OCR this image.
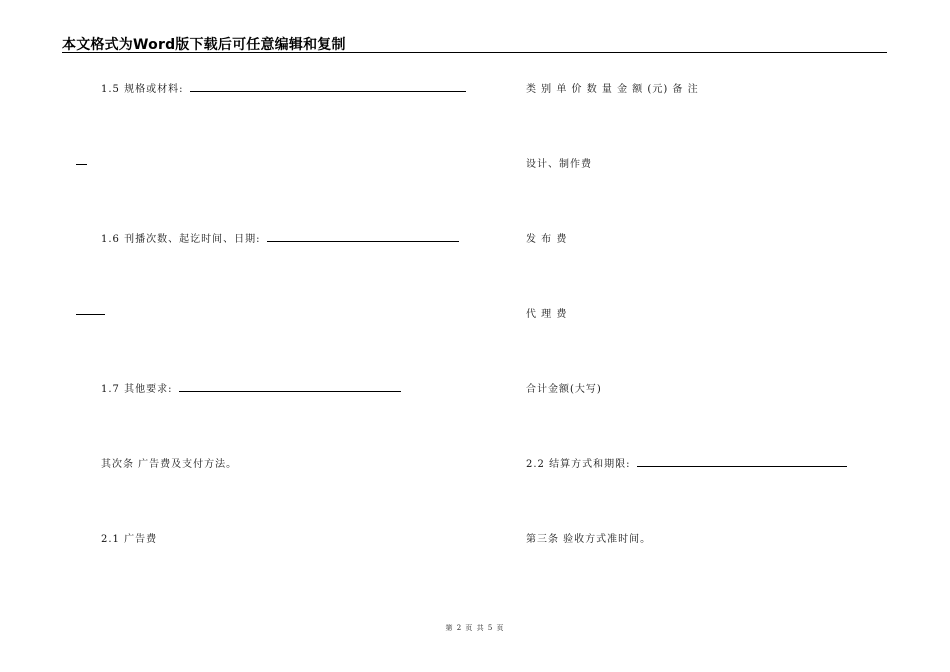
本文格式为Word版下载后可任意编辑和复制
1.5 规格或材料:
1.6 刊播次数、起讫时间、日期:
1.7 其他要求:
其次条 广告费及支付方法。
2.1 广告费
类 别 单 价 数 量 金 额 (元) 备 注
设计、制作费
发 布 费
代 理 费
合计金额(大写)
2.2 结算方式和期限:
第三条 验收方式准时间。
第 2 页 共 5 页
